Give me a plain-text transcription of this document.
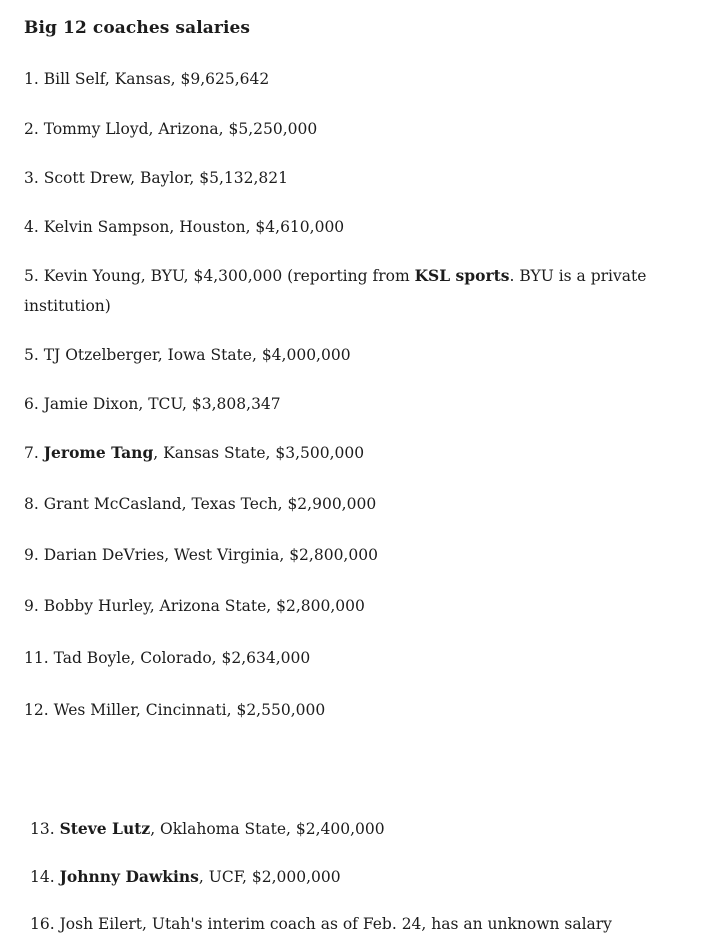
Big 12 coaches salaries
1. Bill Self, Kansas, $9,625,642
2. Tommy Lloyd, Arizona, $5,250,000
3. Scott Drew, Baylor, $5,132,821
4. Kelvin Sampson, Houston, $4,610,000
5. Kevin Young, BYU, $4,300,000 (reporting from KSL sports. BYU is a private institution)
5. TJ Otzelberger, Iowa State, $4,000,000
6. Jamie Dixon, TCU, $3,808,347
7. Jerome Tang, Kansas State, $3,500,000
8. Grant McCasland, Texas Tech, $2,900,000
9. Darian DeVries, West Virginia, $2,800,000
9. Bobby Hurley, Arizona State, $2,800,000
11. Tad Boyle, Colorado, $2,634,000
12. Wes Miller, Cincinnati, $2,550,000
13. Steve Lutz, Oklahoma State, $2,400,000
14. Johnny Dawkins, UCF, $2,000,000
16. Josh Eilert, Utah's interim coach as of Feb. 24, has an unknown salary
